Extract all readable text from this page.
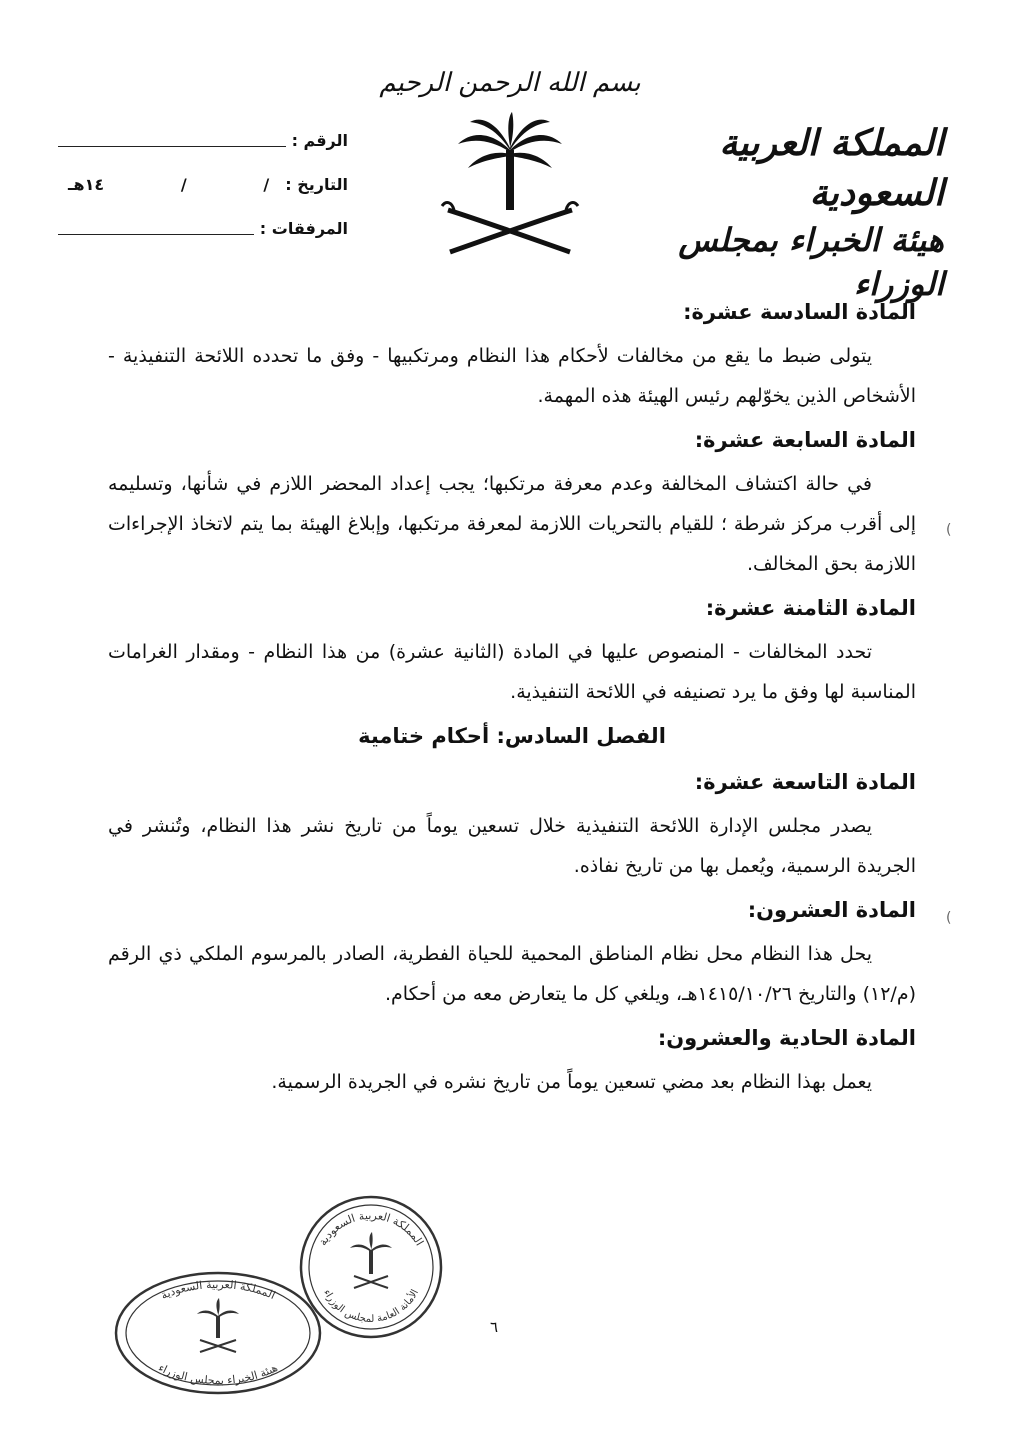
بسم الله الرحمن الرحيم
المملكة العربية السعودية
هيئة الخبراء بمجلس الوزراء
الرقم :
التاريخ :
/
/
١٤هـ
المرفقات :

المادة السادسة عشرة:

يتولى ضبط ما يقع من مخالفات لأحكام هذا النظام ومرتكبيها - وفق ما تحدده اللائحة التنفيذية - الأشخاص الذين يخوّلهم رئيس الهيئة هذه المهمة.

المادة السابعة عشرة:

في حالة اكتشاف المخالفة وعدم معرفة مرتكبها؛ يجب إعداد المحضر اللازم في شأنها، وتسليمه إلى أقرب مركز شرطة ؛ للقيام بالتحريات اللازمة لمعرفة مرتكبها، وإبلاغ الهيئة بما يتم لاتخاذ الإجراءات اللازمة بحق المخالف.

المادة الثامنة عشرة:

تحدد المخالفات - المنصوص عليها في المادة (الثانية عشرة) من هذا النظام - ومقدار الغرامات المناسبة لها وفق ما يرد تصنيفه في اللائحة التنفيذية.

الفصل السادس: أحكام ختامية

المادة التاسعة عشرة:

يصدر مجلس الإدارة اللائحة التنفيذية خلال تسعين يوماً من تاريخ نشر هذا النظام، وتُنشر في الجريدة الرسمية، ويُعمل بها من تاريخ نفاذه.

المادة العشرون:

يحل هذا النظام محل نظام المناطق المحمية للحياة الفطرية، الصادر بالمرسوم الملكي ذي الرقم (م/١٢) والتاريخ ١٤١٥/١٠/٢٦هـ، ويلغي كل ما يتعارض معه من أحكام.

المادة الحادية والعشرون:

يعمل بهذا النظام بعد مضي تسعين يوماً من تاريخ نشره في الجريدة الرسمية.

(
(
المملكة العربية السعودية
الأمانة العامة لمجلس الوزراء
المملكة العربية السعودية
هيئة الخبراء بمجلس الوزراء
٦
